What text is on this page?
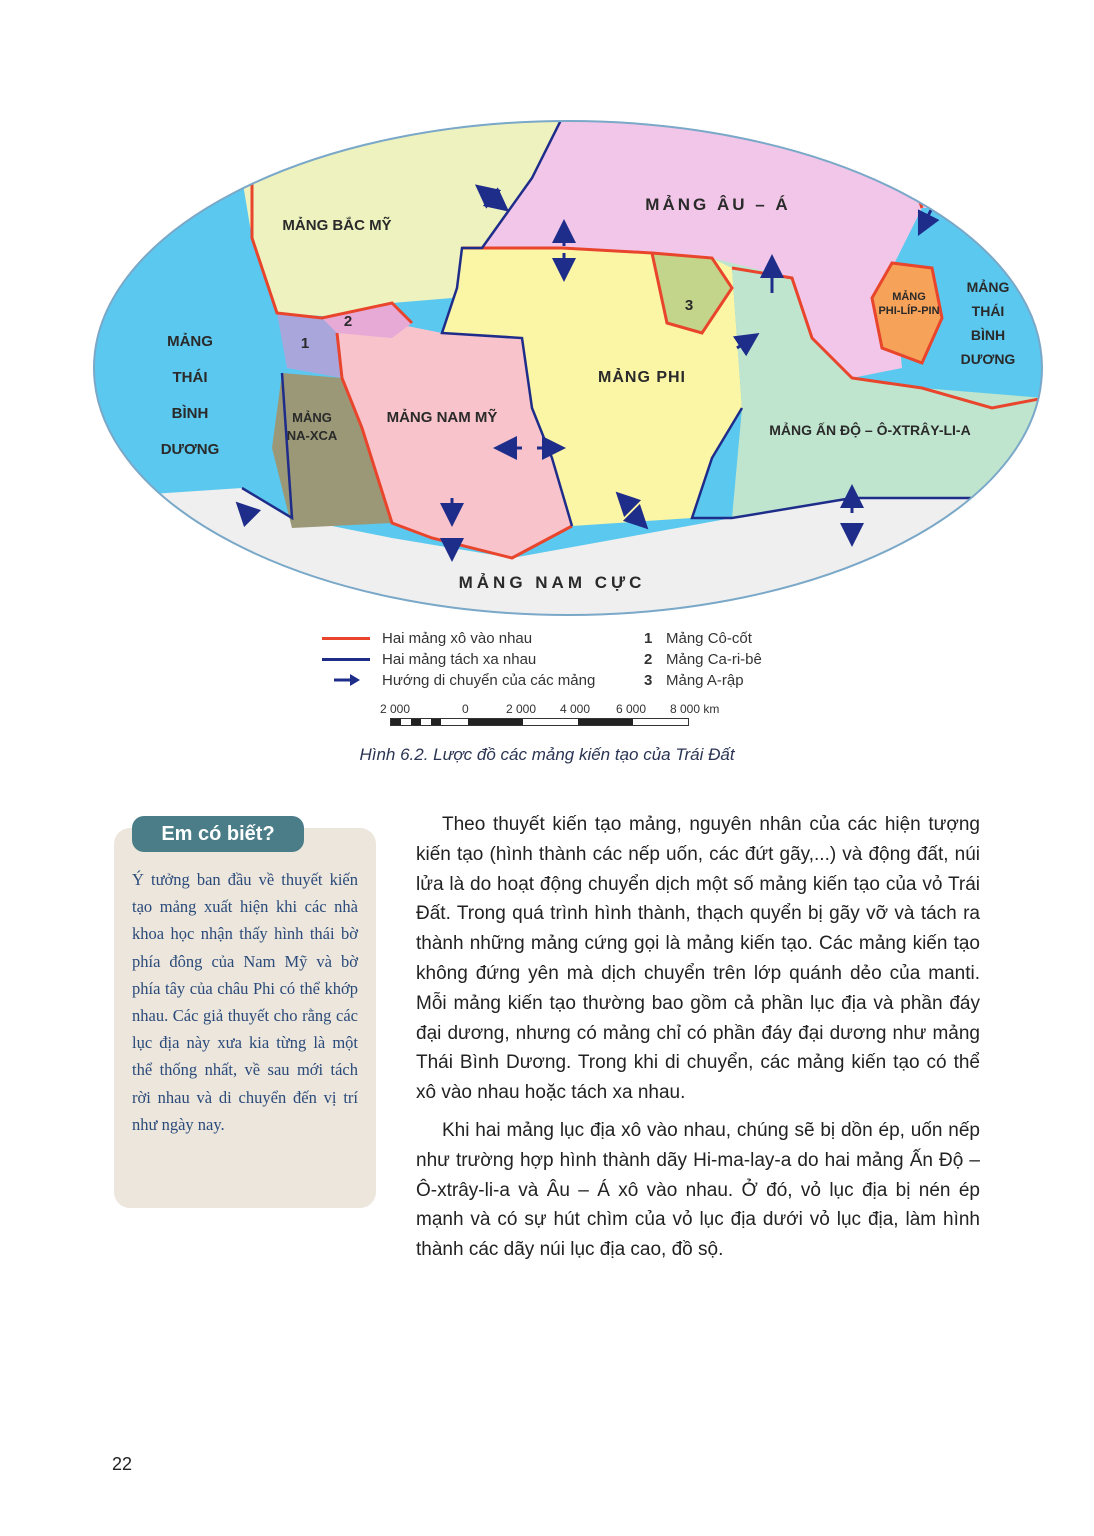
MẢNG BẮC MỸ
MẢNG ÂU – Á
MẢNG
THÁI
BÌNH
DƯƠNG
MẢNG
THÁI
BÌNH
DƯƠNG
MẢNG PHI
MẢNG NAM MỸ
MẢNG
NA-XCA
MẢNG
PHI-LÍP-PIN
MẢNG ẤN ĐỘ – Ô-XTRÂY-LI-A
MẢNG NAM CỰC
1
2
3
Hai mảng xô vào nhau
Hai mảng tách xa nhau
Hướng di chuyển của các mảng
1 Mảng Cô-cốt
2 Mảng Ca-ri-bê
3 Mảng A-rập
2 000	0	2 000 4 000 6 000 8 000 km
Hình 6.2. Lược đồ các mảng kiến tạo của Trái Đất
Em có biết?
Ý tưởng ban đầu về thuyết kiến tạo mảng xuất hiện khi các nhà khoa học nhận thấy hình thái bờ phía đông của Nam Mỹ và bờ phía tây của châu Phi có thể khớp nhau. Các giả thuyết cho rằng các lục địa này xưa kia từng là một thể thống nhất, về sau mới tách rời nhau và di chuyển đến vị trí như ngày nay.

Theo thuyết kiến tạo mảng, nguyên nhân của các hiện tượng kiến tạo (hình thành các nếp uốn, các đứt gãy,...) và động đất, núi lửa là do hoạt động chuyển dịch một số mảng kiến tạo của vỏ Trái Đất. Trong quá trình hình thành, thạch quyển bị gãy vỡ và tách ra thành những mảng cứng gọi là mảng kiến tạo. Các mảng kiến tạo không đứng yên mà dịch chuyển trên lớp quánh dẻo của manti. Mỗi mảng kiến tạo thường bao gồm cả phần lục địa và phần đáy đại dương, nhưng có mảng chỉ có phần đáy đại dương như mảng Thái Bình Dương. Trong khi di chuyển, các mảng kiến tạo có thể xô vào nhau hoặc tách xa nhau.

Khi hai mảng lục địa xô vào nhau, chúng sẽ bị dồn ép, uốn nếp như trường hợp hình thành dãy Hi-ma-lay-a do hai mảng Ấn Độ – Ô-xtrây-li-a và Âu – Á xô vào nhau. Ở đó, vỏ lục địa bị nén ép mạnh và có sự hút chìm của vỏ lục địa dưới vỏ lục địa, làm hình thành các dãy núi lục địa cao, đồ sộ.

22
